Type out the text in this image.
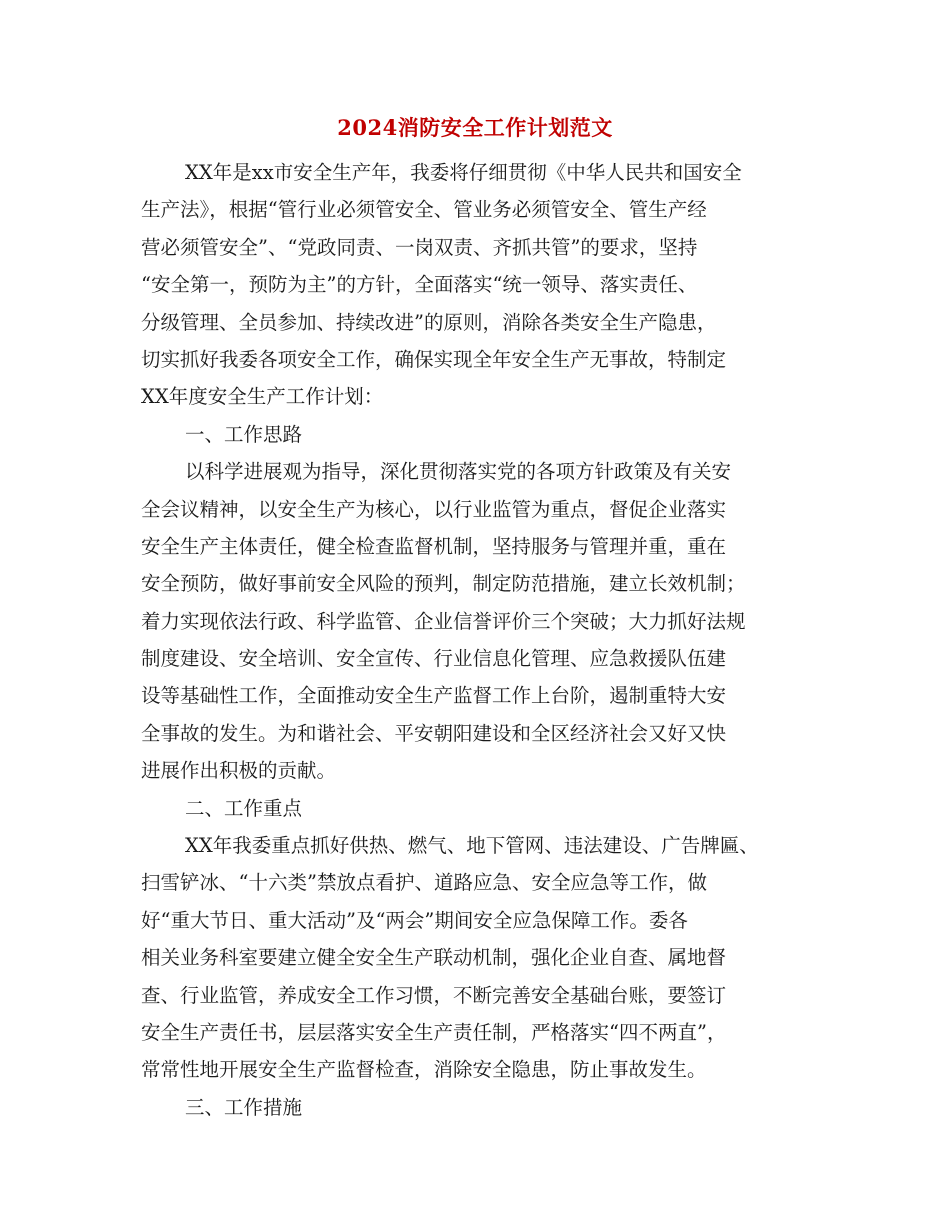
2024消防安全工作计划范文
XX年是xx市安全生产年，我委将仔细贯彻《中华人民共和国安全
生产法》，根据“管行业必须管安全、管业务必须管安全、管生产经
营必须管安全”、“党政同责、一岗双责、齐抓共管”的要求，坚持
“安全第一，预防为主”的方针，全面落实“统一领导、落实责任、
分级管理、全员参加、持续改进”的原则，消除各类安全生产隐患，
切实抓好我委各项安全工作，确保实现全年安全生产无事故，特制定
XX年度安全生产工作计划：
一、工作思路
以科学进展观为指导，深化贯彻落实党的各项方针政策及有关安
全会议精神，以安全生产为核心，以行业监管为重点，督促企业落实
安全生产主体责任，健全检查监督机制，坚持服务与管理并重，重在
安全预防，做好事前安全风险的预判，制定防范措施，建立长效机制；
着力实现依法行政、科学监管、企业信誉评价三个突破；大力抓好法规
制度建设、安全培训、安全宣传、行业信息化管理、应急救援队伍建
设等基础性工作，全面推动安全生产监督工作上台阶，遏制重特大安
全事故的发生。为和谐社会、平安朝阳建设和全区经济社会又好又快
进展作出积极的贡献。
二、工作重点
XX年我委重点抓好供热、燃气、地下管网、违法建设、广告牌匾、
扫雪铲冰、“十六类”禁放点看护、道路应急、安全应急等工作，做
好“重大节日、重大活动”及“两会”期间安全应急保障工作。委各
相关业务科室要建立健全安全生产联动机制，强化企业自查、属地督
查、行业监管，养成安全工作习惯，不断完善安全基础台账，要签订
安全生产责任书，层层落实安全生产责任制，严格落实“四不两直”，
常常性地开展安全生产监督检查，消除安全隐患，防止事故发生。
三、工作措施
